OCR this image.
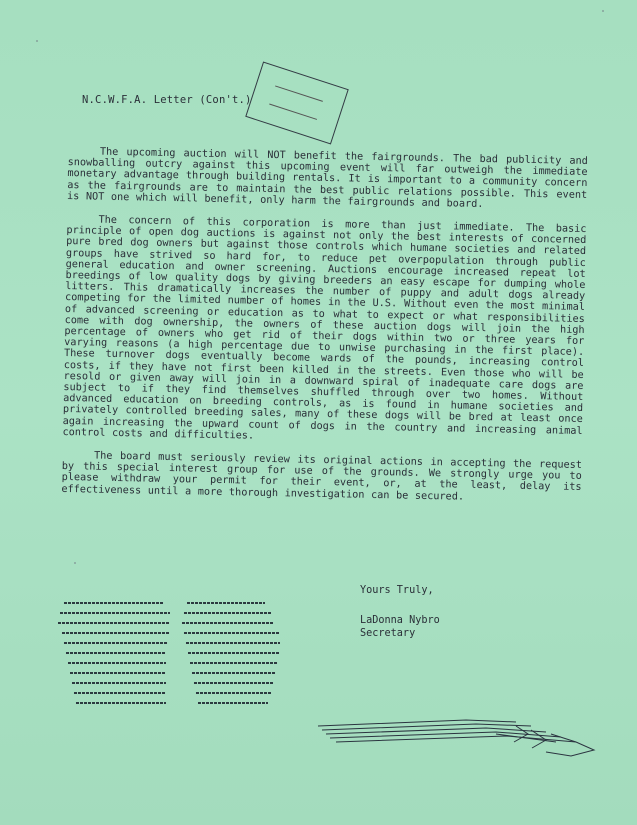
N.C.W.F.A. Letter (Con't.)

The upcoming auction will NOT benefit the fairgrounds. The bad publicity and snowballing outcry against this upcoming event will far outweigh the immediate monetary advantage through building rentals. It is important to a community concern as the fairgrounds are to maintain the best public relations possible. This event is NOT one which will benefit, only harm the fairgrounds and board.

The concern of this corporation is more than just immediate. The basic principle of open dog auctions is against not only the best interests of concerned pure bred dog owners but against those controls which humane societies and related groups have strived so hard for, to reduce pet overpopulation through public general education and owner screening. Auctions encourage increased repeat lot breedings of low quality dogs by giving breeders an easy escape for dumping whole litters. This dramatically increases the number of puppy and adult dogs already competing for the limited number of homes in the U.S. Without even the most minimal of advanced screening or education as to what to expect or what responsibilities come with dog ownership, the owners of these auction dogs will join the high percentage of owners who get rid of their dogs within two or three years for varying reasons (a high percentage due to unwise purchasing in the first place). These turnover dogs eventually become wards of the pounds, increasing control costs, if they have not first been killed in the streets. Even those who will be resold or given away will join in a downward spiral of inadequate care dogs are subject to if they find themselves shuffled through over two homes. Without advanced education on breeding controls, as is found in humane societies and privately controlled breeding sales, many of these dogs will be bred at least once again increasing the upward count of dogs in the country and increasing animal control costs and difficulties.

The board must seriously review its original actions in accepting the request by this special interest group for use of the grounds. We strongly urge you to please withdraw your permit for their event, or, at the least, delay its effectiveness until a more thorough investigation can be secured.

Yours Truly,
LaDonna Nybro
Secretary
